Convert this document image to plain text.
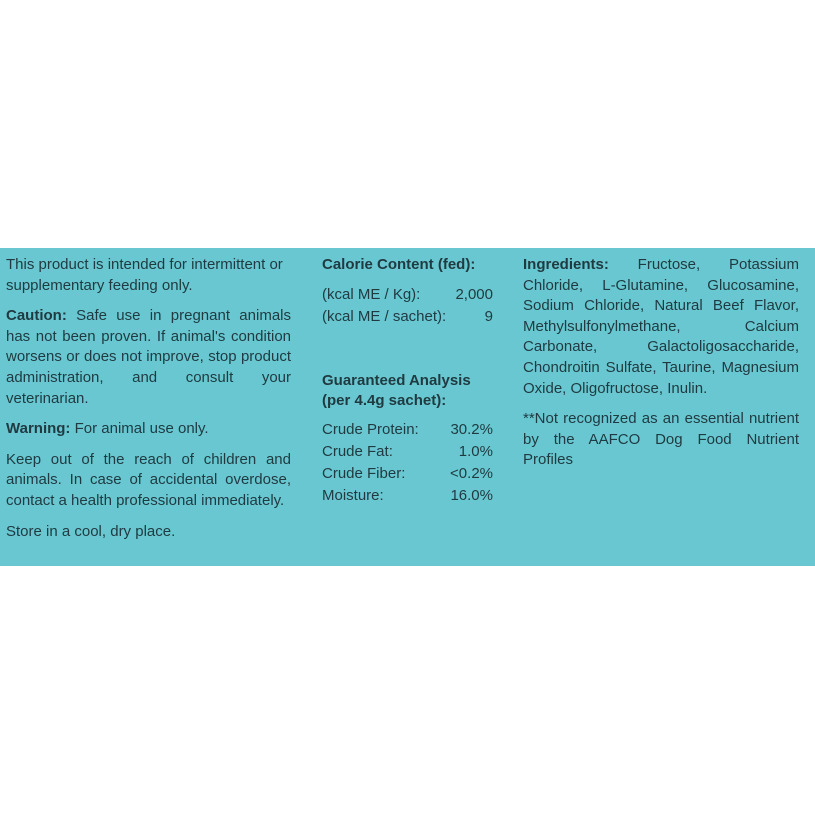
This product is intended for intermittent or supplementary feeding only.

Caution: Safe use in pregnant animals has not been proven. If animal's condition worsens or does not improve, stop product administration, and consult your veterinarian.

Warning: For animal use only.

Keep out of the reach of children and animals. In case of accidental overdose, contact a health professional immediately.

Store in a cool, dry place.

Calorie Content (fed):
(kcal ME / Kg): 2,000
(kcal ME / sachet):	9
Guaranteed Analysis
(per 4.4g sachet):
Crude Protein: 30.2%
Crude Fat:	1.0%
Crude Fiber:	<0.2%
Moisture:	16.0%

Ingredients: Fructose, Potassium Chloride, L-Glutamine, Glucosamine, Sodium Chloride, Natural Beef Flavor, Methylsulfonylmethane, Calcium Carbonate, Galactoligosaccharide, Chondroitin Sulfate, Taurine, Magnesium Oxide, Oligofructose, Inulin.

**Not recognized as an essential nutrient by the AAFCO Dog Food Nutrient Profiles
